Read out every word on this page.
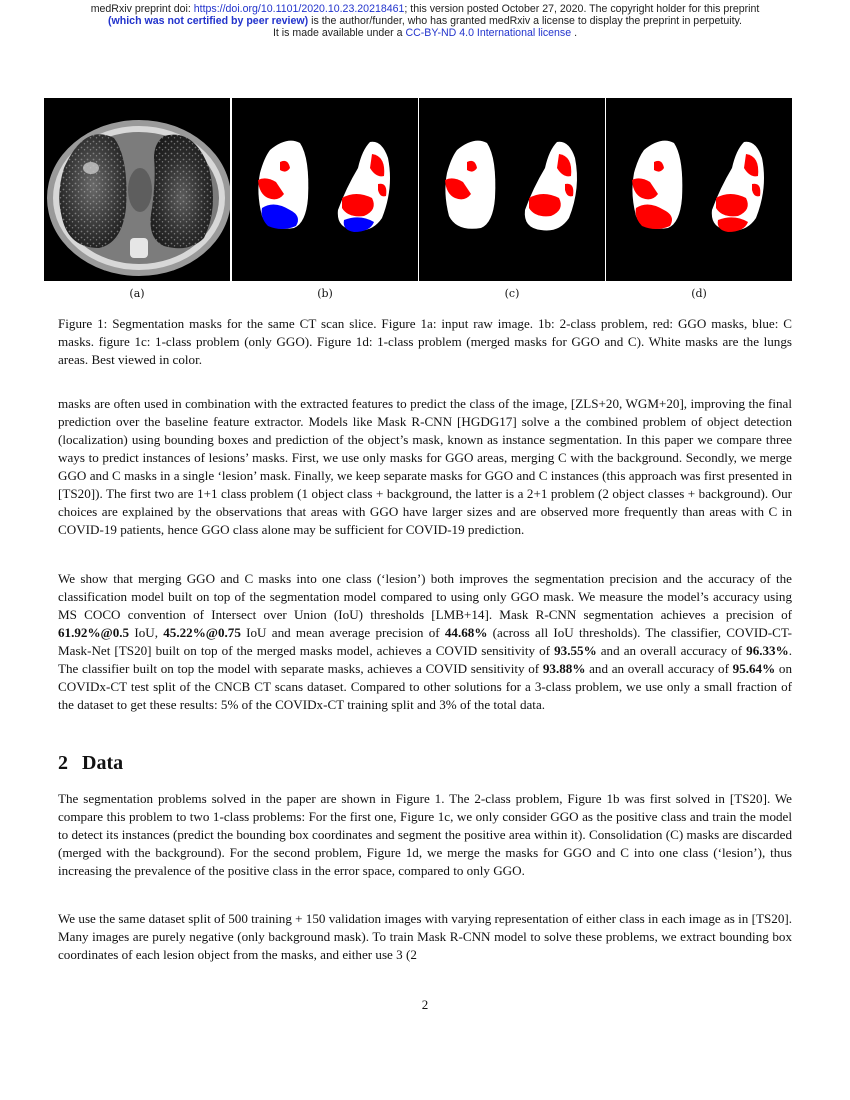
medRxiv preprint doi: https://doi.org/10.1101/2020.10.23.20218461; this version posted October 27, 2020. The copyright holder for this preprint
(which was not certified by peer review) is the author/funder, who has granted medRxiv a license to display the preprint in perpetuity.
It is made available under a CC-BY-ND 4.0 International license .
(a)	(b)	(c)	(d)

Figure 1: Segmentation masks for the same CT scan slice. Figure 1a: input raw image. 1b: 2-class problem, red: GGO masks, blue: C masks. figure 1c: 1-class problem (only GGO). Figure 1d: 1-class problem (merged masks for GGO and C). White masks are the lungs areas. Best viewed in color.

masks are often used in combination with the extracted features to predict the class of the image, [ZLS+20, WGM+20], improving the final prediction over the baseline feature extractor. Models like Mask R-CNN [HGDG17] solve a the combined problem of object detection (localization) using bounding boxes and prediction of the object’s mask, known as instance segmentation. In this paper we compare three ways to predict instances of lesions’ masks. First, we use only masks for GGO areas, merging C with the background. Secondly, we merge GGO and C masks in a single ‘lesion’ mask. Finally, we keep separate masks for GGO and C instances (this approach was first presented in [TS20]). The first two are 1+1 class problem (1 object class + background, the latter is a 2+1 problem (2 object classes + background). Our choices are explained by the observations that areas with GGO have larger sizes and are observed more frequently than areas with C in COVID-19 patients, hence GGO class alone may be sufficient for COVID-19 prediction.

We show that merging GGO and C masks into one class (‘lesion’) both improves the segmentation precision and the accuracy of the classification model built on top of the segmentation model compared to using only GGO mask. We measure the model’s accuracy using MS COCO convention of Intersect over Union (IoU) thresholds [LMB+14]. Mask R-CNN segmentation achieves a precision of 61.92%@0.5 IoU, 45.22%@0.75 IoU and mean average precision of 44.68% (across all IoU thresholds). The classifier, COVID-CT-Mask-Net [TS20] built on top of the merged masks model, achieves a COVID sensitivity of 93.55% and an overall accuracy of 96.33%. The classifier built on top the model with separate masks, achieves a COVID sensitivity of 93.88% and an overall accuracy of 95.64% on COVIDx-CT test split of the CNCB CT scans dataset. Compared to other solutions for a 3-class problem, we use only a small fraction of the dataset to get these results: 5% of the COVIDx-CT training split and 3% of the total data.

2 Data

The segmentation problems solved in the paper are shown in Figure 1. The 2-class problem, Figure 1b was first solved in [TS20]. We compare this problem to two 1-class problems: For the first one, Figure 1c, we only consider GGO as the positive class and train the model to detect its instances (predict the bounding box coordinates and segment the positive area within it). Consolidation (C) masks are discarded (merged with the background). For the second problem, Figure 1d, we merge the masks for GGO and C into one class (‘lesion’), thus increasing the prevalence of the positive class in the error space, compared to only GGO.

We use the same dataset split of 500 training + 150 validation images with varying representation of either class in each image as in [TS20]. Many images are purely negative (only background mask). To train Mask R-CNN model to solve these problems, we extract bounding box coordinates of each lesion object from the masks, and either use 3 (2

2
